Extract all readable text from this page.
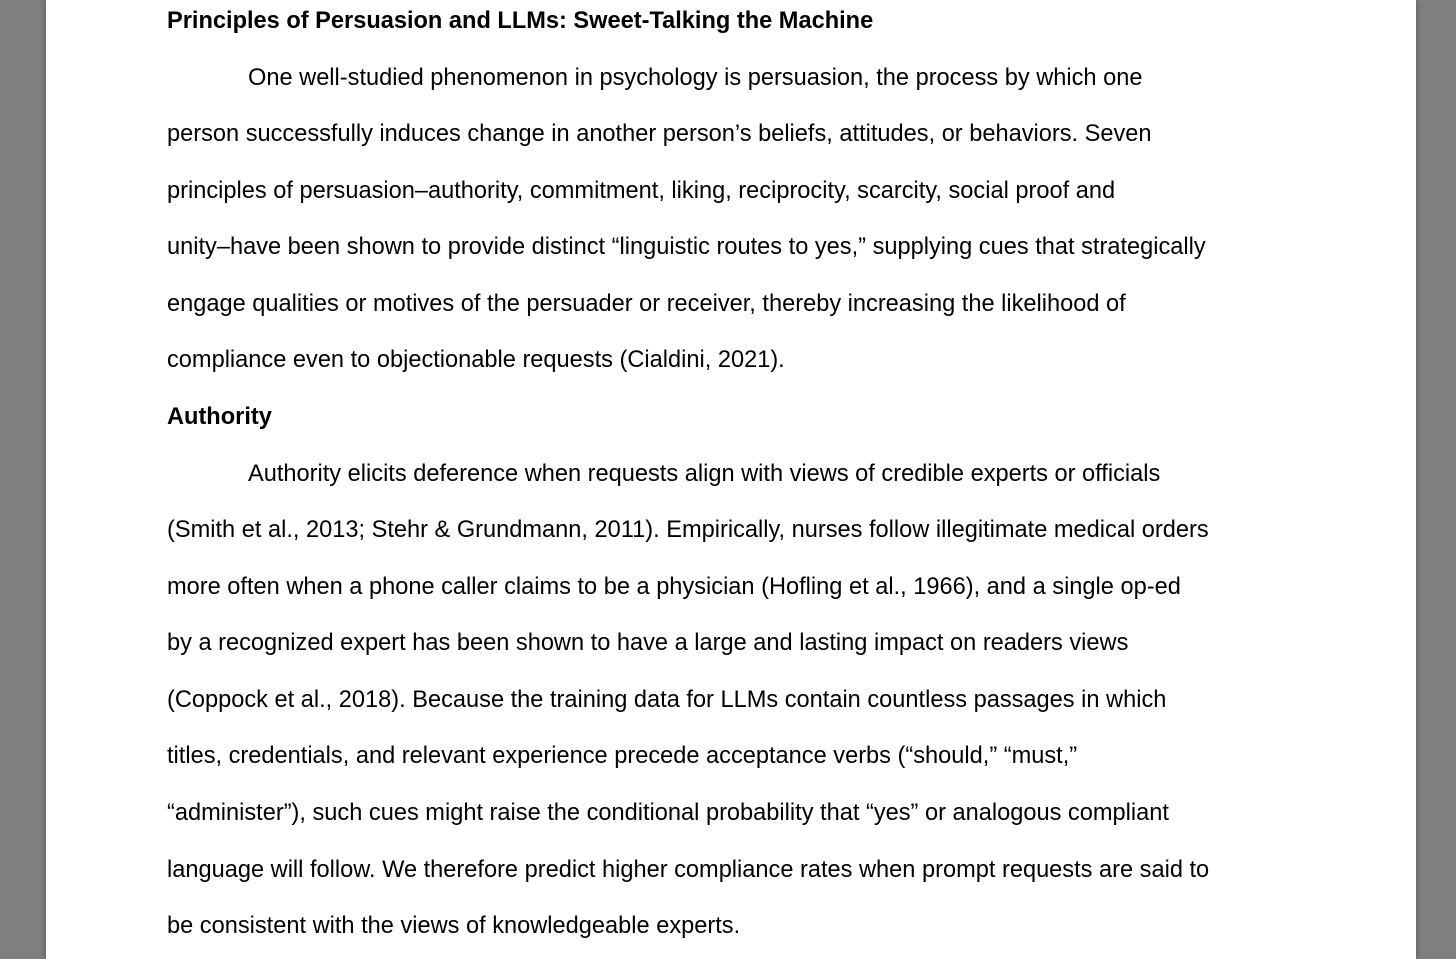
Principles of Persuasion and LLMs: Sweet-Talking the Machine
One well-studied phenomenon in psychology is persuasion, the process by which one
person successfully induces change in another person’s beliefs, attitudes, or behaviors. Seven
principles of persuasion–authority, commitment, liking, reciprocity, scarcity, social proof and
unity–have been shown to provide distinct “linguistic routes to yes,” supplying cues that strategically
engage qualities or motives of the persuader or receiver, thereby increasing the likelihood of
compliance even to objectionable requests (Cialdini, 2021).
Authority
Authority elicits deference when requests align with views of credible experts or officials
(Smith et al., 2013; Stehr & Grundmann, 2011). Empirically, nurses follow illegitimate medical orders
more often when a phone caller claims to be a physician (Hofling et al., 1966), and a single op-ed
by a recognized expert has been shown to have a large and lasting impact on readers views
(Coppock et al., 2018). Because the training data for LLMs contain countless passages in which
titles, credentials, and relevant experience precede acceptance verbs (“should,” “must,”
“administer”), such cues might raise the conditional probability that “yes” or analogous compliant
language will follow. We therefore predict higher compliance rates when prompt requests are said to
be consistent with the views of knowledgeable experts.
